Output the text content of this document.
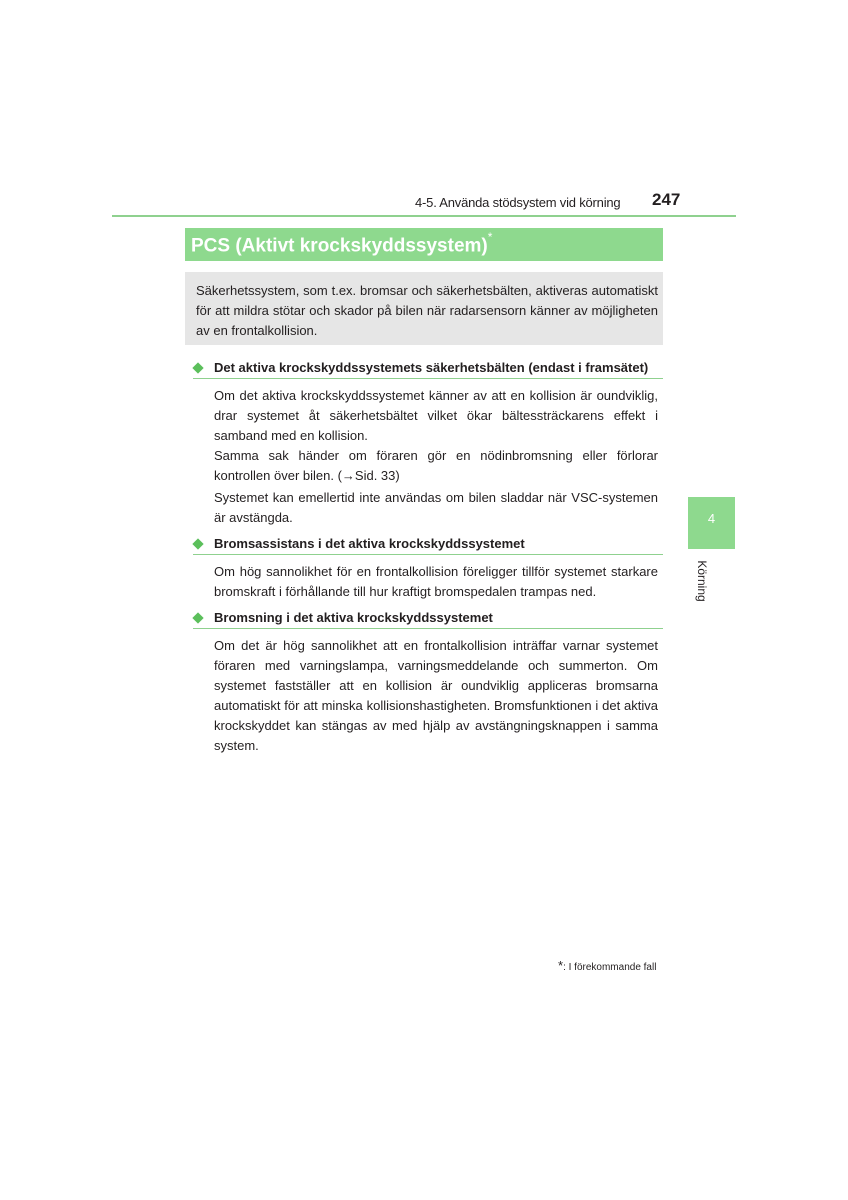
4-5. Använda stödsystem vid körning 247
PCS (Aktivt krockskyddssystem)*
Säkerhetssystem, som t.ex. bromsar och säkerhetsbälten, aktiveras automatiskt för att mildra stötar och skador på bilen när radarsensorn känner av möjligheten av en frontalkollision.
Det aktiva krockskyddssystemets säkerhetsbälten (endast i framsätet)

Om det aktiva krockskyddssystemet känner av att en kollision är oundviklig, drar systemet åt säkerhetsbältet vilket ökar bältessträckarens effekt i samband med en kollision.

Samma sak händer om föraren gör en nödinbromsning eller förlorar kontrollen över bilen. (→Sid. 33)

Systemet kan emellertid inte användas om bilen sladdar när VSC-systemen är avstängda.

Bromsassistans i det aktiva krockskyddssystemet

Om hög sannolikhet för en frontalkollision föreligger tillför systemet starkare bromskraft i förhållande till hur kraftigt bromspedalen trampas ned.

Bromsning i det aktiva krockskyddssystemet

Om det är hög sannolikhet att en frontalkollision inträffar varnar systemet föraren med varningslampa, varningsmeddelande och summerton. Om systemet fastställer att en kollision är oundviklig appliceras bromsarna automatiskt för att minska kollisionshastigheten. Bromsfunktionen i det aktiva krockskyddet kan stängas av med hjälp av avstängningsknappen i samma system.

4
Körning
*: I förekommande fall
